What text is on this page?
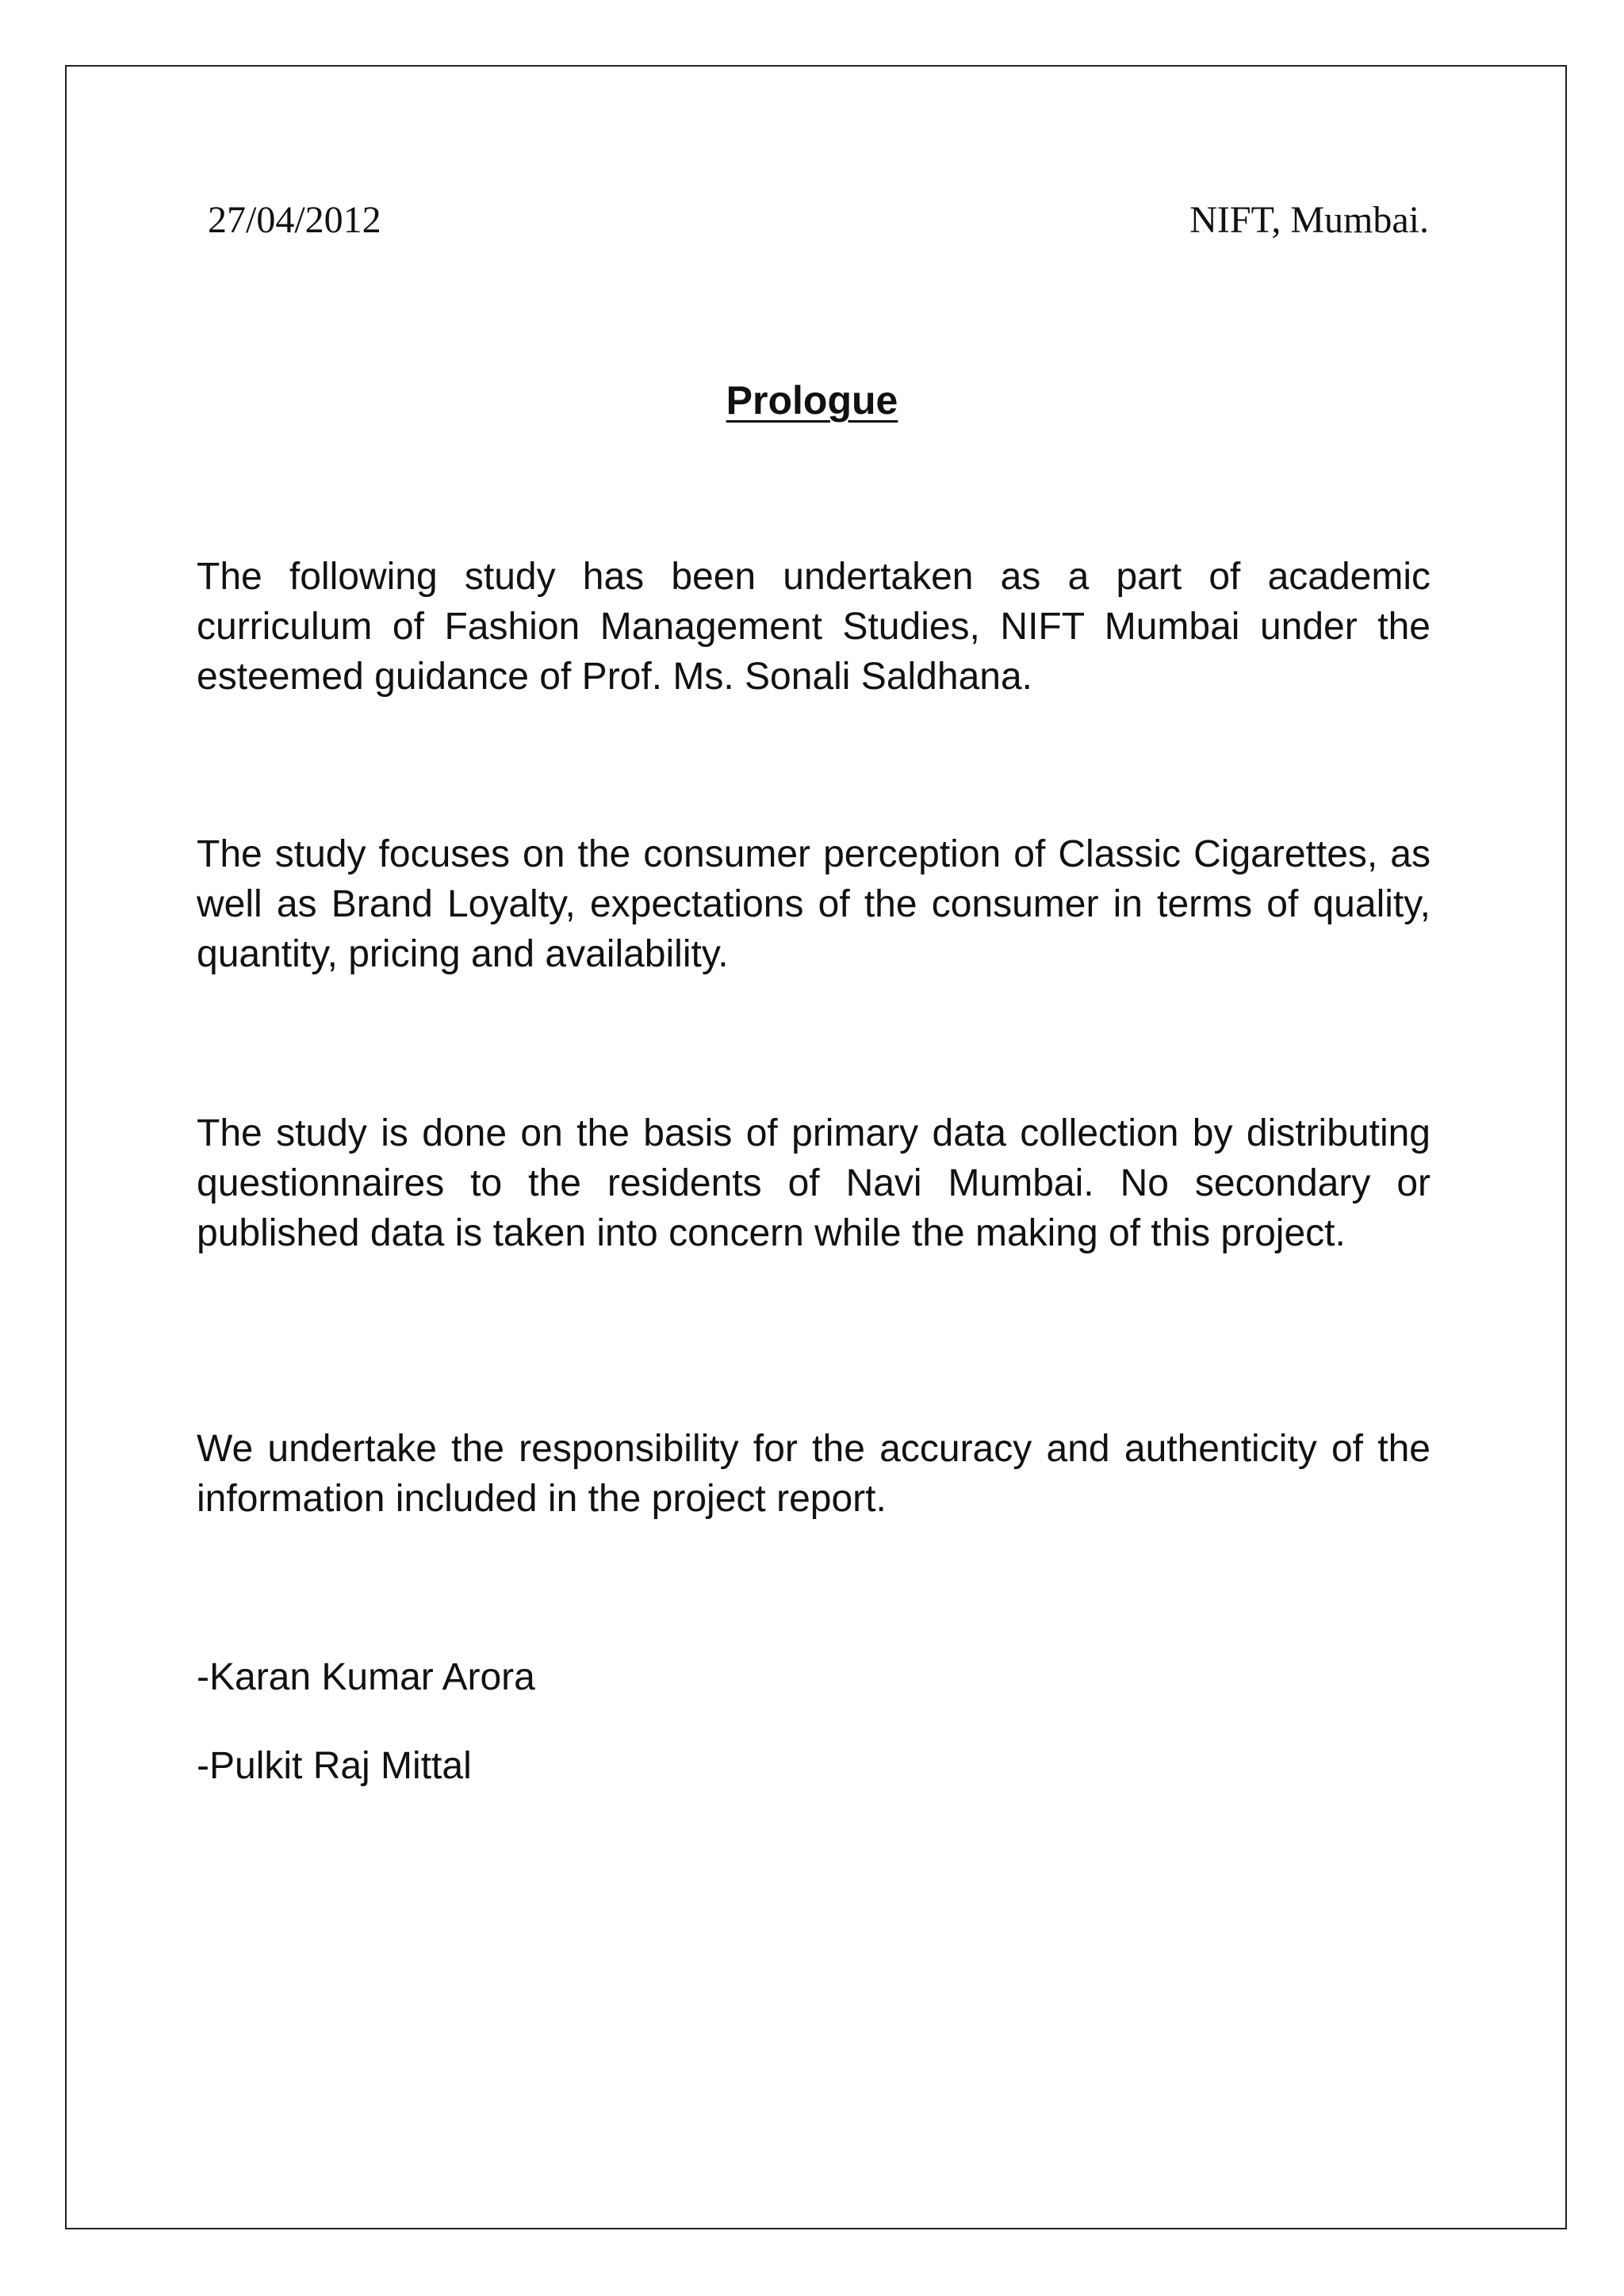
27/04/2012	NIFT, Mumbai.
Prologue

The following study has been undertaken as a part of academic curriculum of Fashion Management Studies, NIFT Mumbai under the esteemed guidance of Prof. Ms. Sonali Saldhana.

The study focuses on the consumer perception of Classic Cigarettes, as well as Brand Loyalty, expectations of the consumer in terms of quality, quantity, pricing and availability.

The study is done on the basis of primary data collection by distributing questionnaires to the residents of Navi Mumbai. No secondary or published data is taken into concern while the making of this project.

We undertake the responsibility for the accuracy and authenticity of the information included in the project report.

-Karan Kumar Arora
-Pulkit Raj Mittal
